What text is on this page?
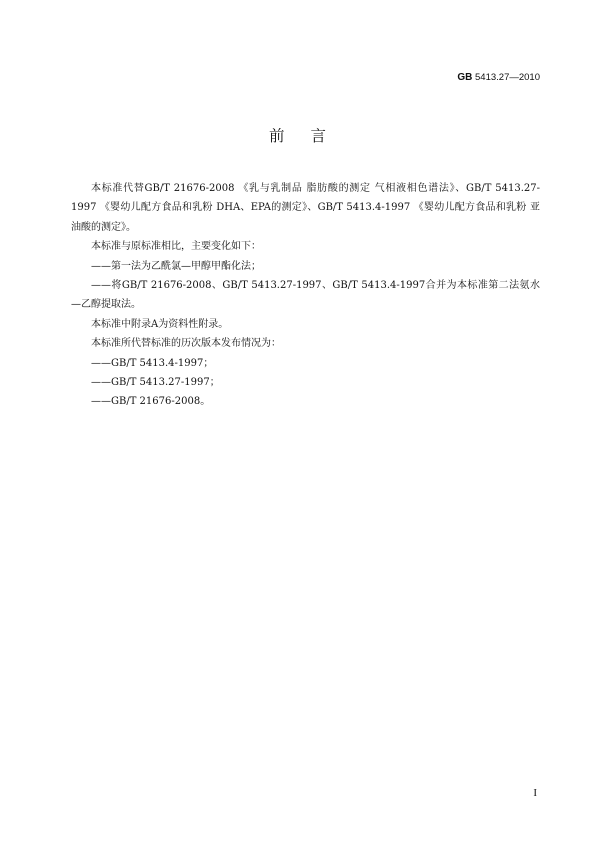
GB 5413.27—2010
前言

本标准代替GB/T 21676-2008 《乳与乳制品 脂肪酸的测定 气相液相色谱法》、GB/T 5413.27-1997 《婴幼儿配方食品和乳粉 DHA、EPA的测定》、GB/T 5413.4-1997 《婴幼儿配方食品和乳粉 亚油酸的测定》。

本标准与原标准相比，主要变化如下：

——第一法为乙酰氯—甲醇甲酯化法；

——将GB/T 21676-2008、GB/T 5413.27-1997、GB/T 5413.4-1997合并为本标准第二法氨水—乙醇提取法。

本标准中附录A为资料性附录。

本标准所代替标准的历次版本发布情况为：

——GB/T 5413.4-1997；

——GB/T 5413.27-1997；

——GB/T 21676-2008。

I
